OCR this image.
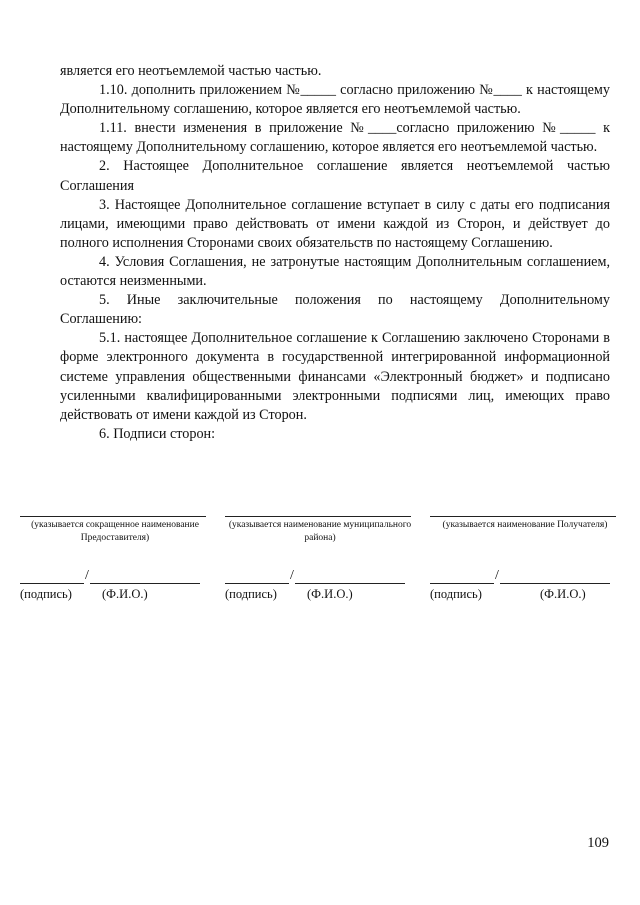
является его неотъемлемой частью частью.

1.10. дополнить приложением №_____ согласно приложению №____ к настоящему Дополнительному соглашению, которое является его неотъемлемой частью.

1.11. внести изменения в приложение №____согласно приложению №_____ к настоящему Дополнительному соглашению, которое является его неотъемлемой частью.

2. Настоящее Дополнительное соглашение является неотъемлемой частью Соглашения

3. Настоящее Дополнительное соглашение вступает в силу с даты его подписания лицами, имеющими право действовать от имени каждой из Сторон, и действует до полного исполнения Сторонами своих обязательств по настоящему Соглашению.

4. Условия Соглашения, не затронутые настоящим Дополнительным соглашением, остаются неизменными.

5. Иные заключительные положения по настоящему Дополнительному Соглашению:

5.1. настоящее Дополнительное соглашение к Соглашению заключено Сторонами в форме электронного документа в государственной интегрированной информационной системе управления общественными финансами «Электронный бюджет» и подписано усиленными квалифицированными электронными подписями лиц, имеющих право действовать от имени каждой из Сторон.

6. Подписи сторон:

(указывается сокращенное наименование Предоставителя)
(указывается наименование муниципального района)
(указывается наименование Получателя)
/
(подпись)	(Ф.И.О.)
/
(подпись)	(Ф.И.О.)
/
(подпись)	(Ф.И.О.)
109
